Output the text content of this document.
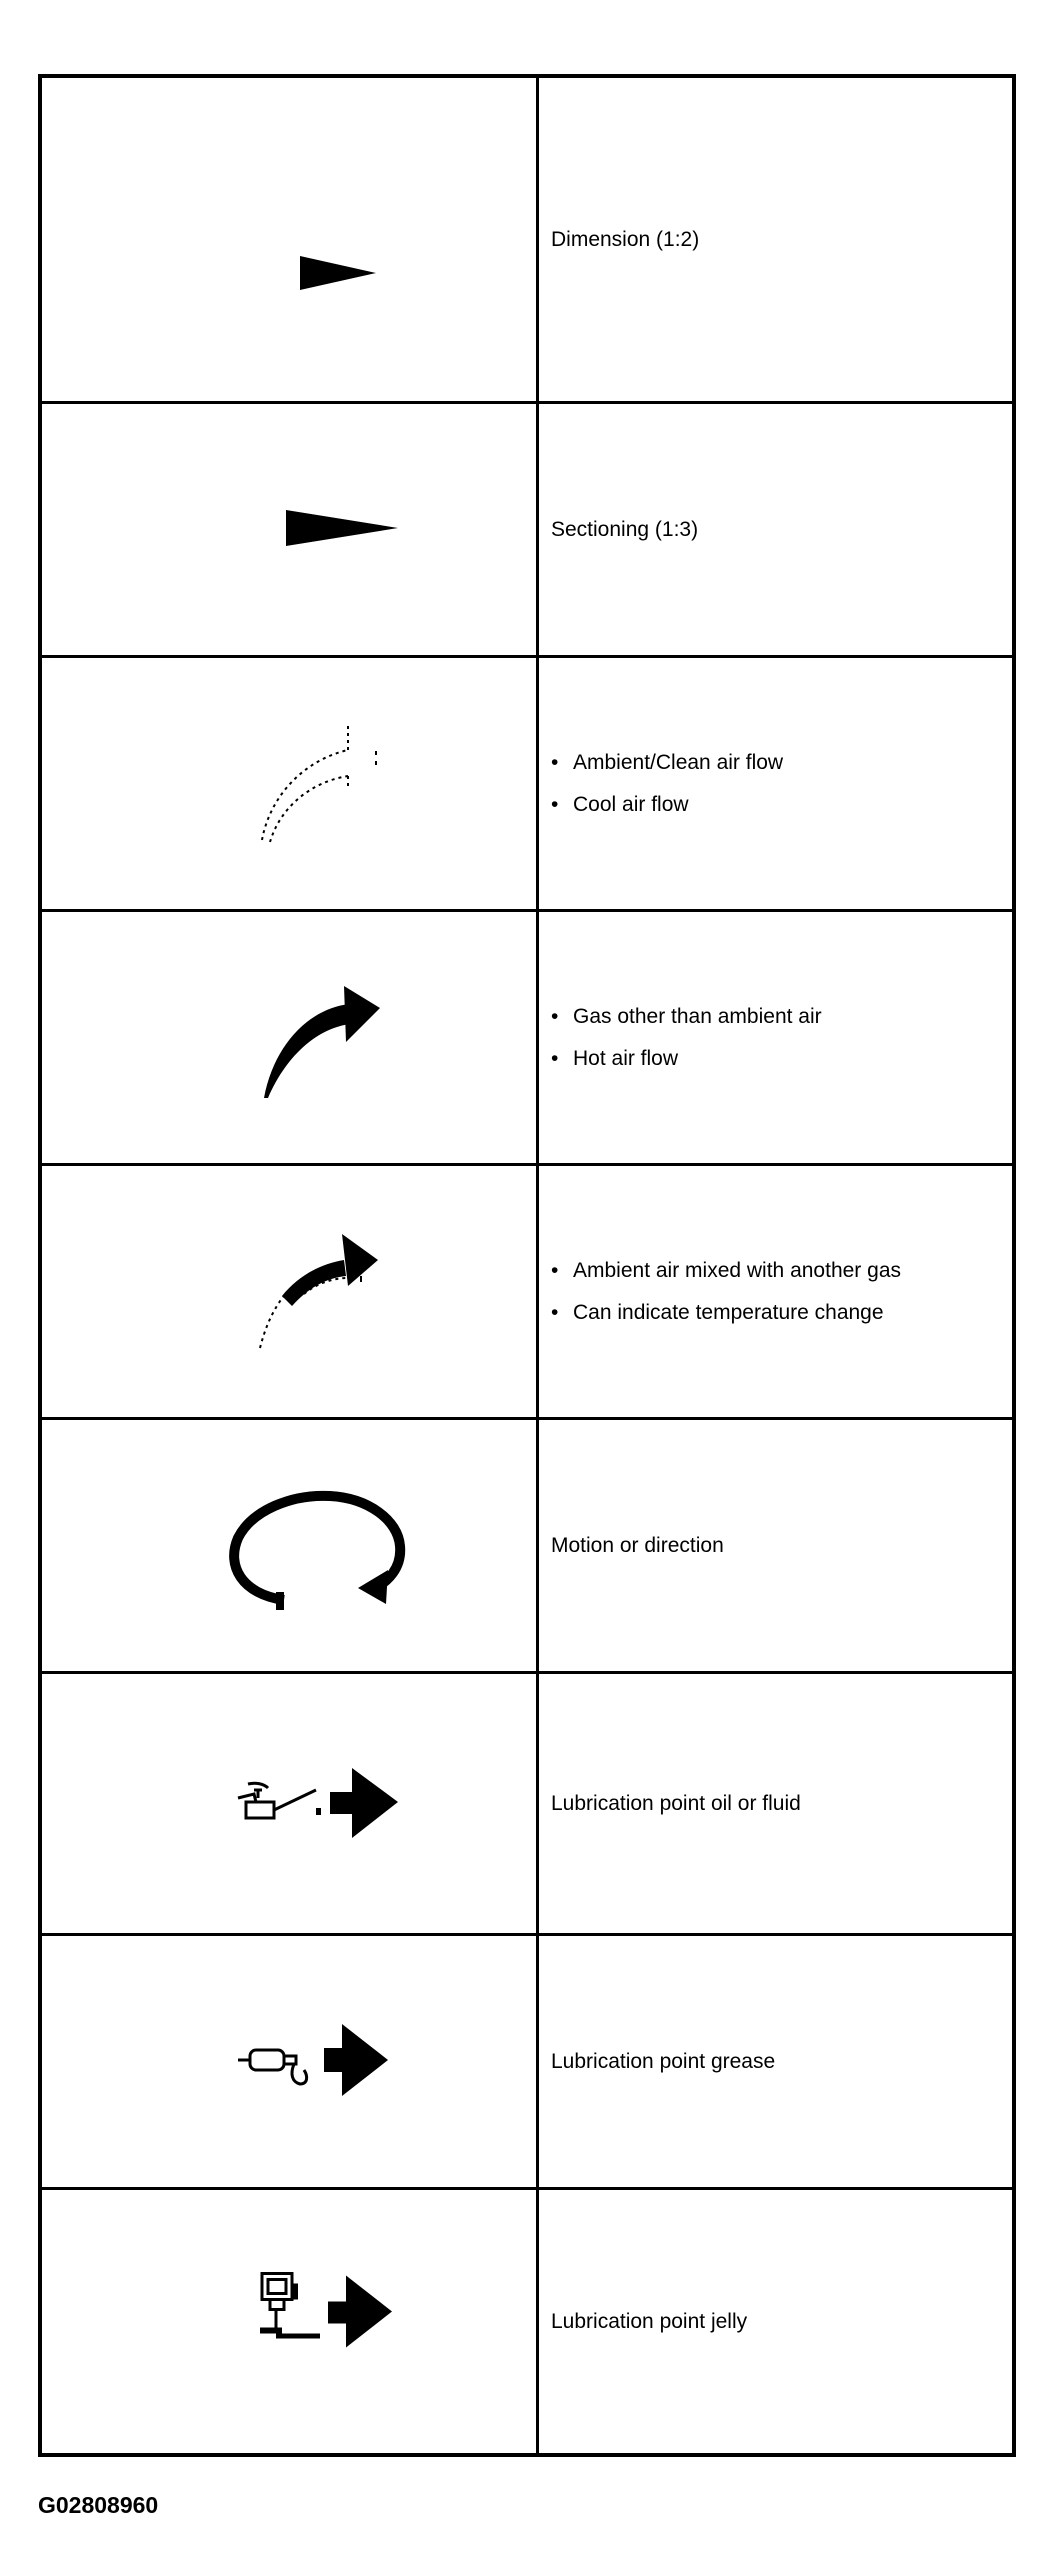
Dimension (1:2)
Sectioning (1:3)
• Ambient/Clean air flow
• Cool air flow
• Gas other than ambient air
• Hot air flow
• Ambient air mixed with another gas
• Can indicate temperature change
Motion or direction
Lubrication point oil or fluid
Lubrication point grease
Lubrication point jelly
G02808960
